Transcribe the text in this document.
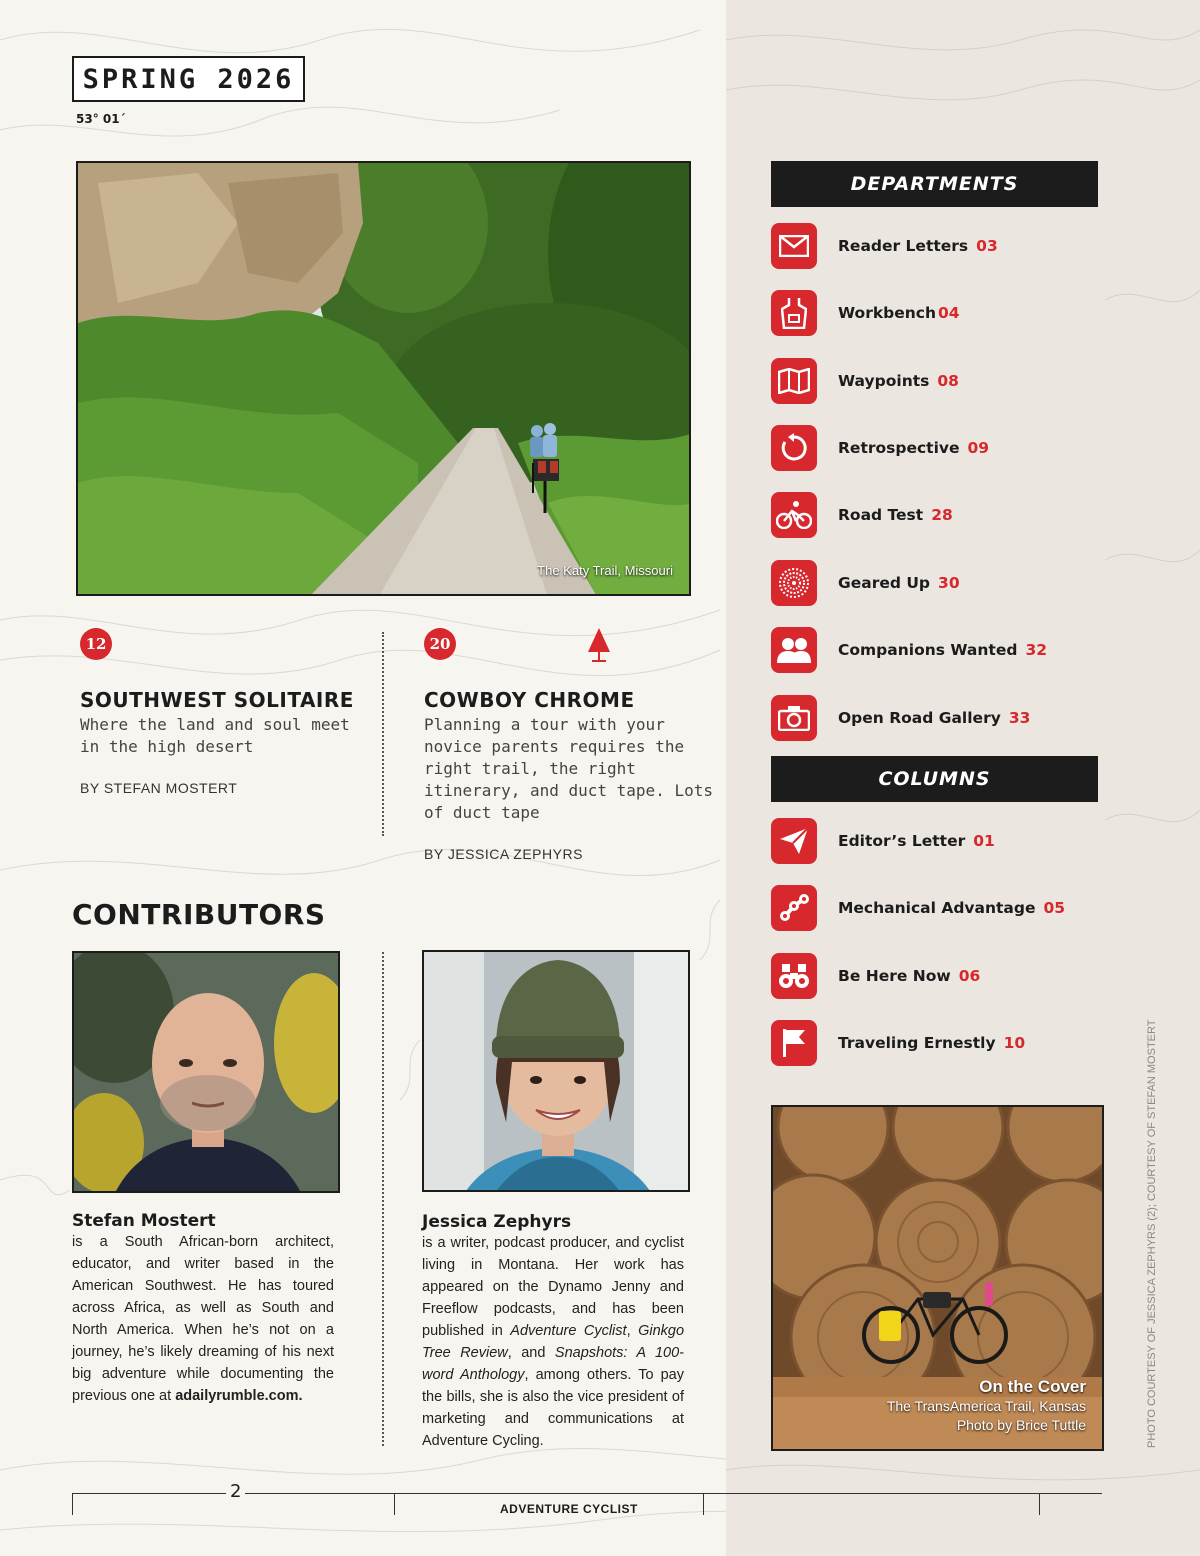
SPRING 2026
53° 01´
The Katy Trail, Missouri
12
SOUTHWEST SOLITAIRE
Where the land and soul meet in the high desert
BY STEFAN MOSTERT
20
COWBOY CHROME
Planning a tour with your novice parents requires the right trail, the right itinerary, and duct tape. Lots of duct tape
BY JESSICA ZEPHYRS
CONTRIBUTORS
Stefan Mostert
is a South African-born architect, educator, and writer based in the American Southwest. He has toured across Africa, as well as South and North America. When he’s not on a journey, he’s likely dreaming of his next big adventure while documenting the previous one at adailyrumble.com.
Jessica Zephyrs
is a writer, podcast producer, and cyclist living in Montana. Her work has appeared on the Dynamo Jenny and Freeflow podcasts, and has been published in Adventure Cyclist, Ginkgo Tree Review, and Snapshots: A 100-word Anthology, among others. To pay the bills, she is also the vice president of marketing and communications at Adventure Cycling.
DEPARTMENTS
Reader Letters 03
Workbench 04
Waypoints 08
Retrospective 09
Road Test 28
Geared Up 30
Companions Wanted 32
Open Road Gallery 33
COLUMNS
Editor’s Letter 01
Mechanical Advantage 05
Be Here Now 06
Traveling Ernestly 10
On the Cover
The TransAmerica Trail, Kansas
Photo by Brice Tuttle	PHOTO COURTESY OF JESSICA ZEPHYRS (2); COURTESY OF STEFAN MOSTERT
2
ADVENTURE CYCLIST
